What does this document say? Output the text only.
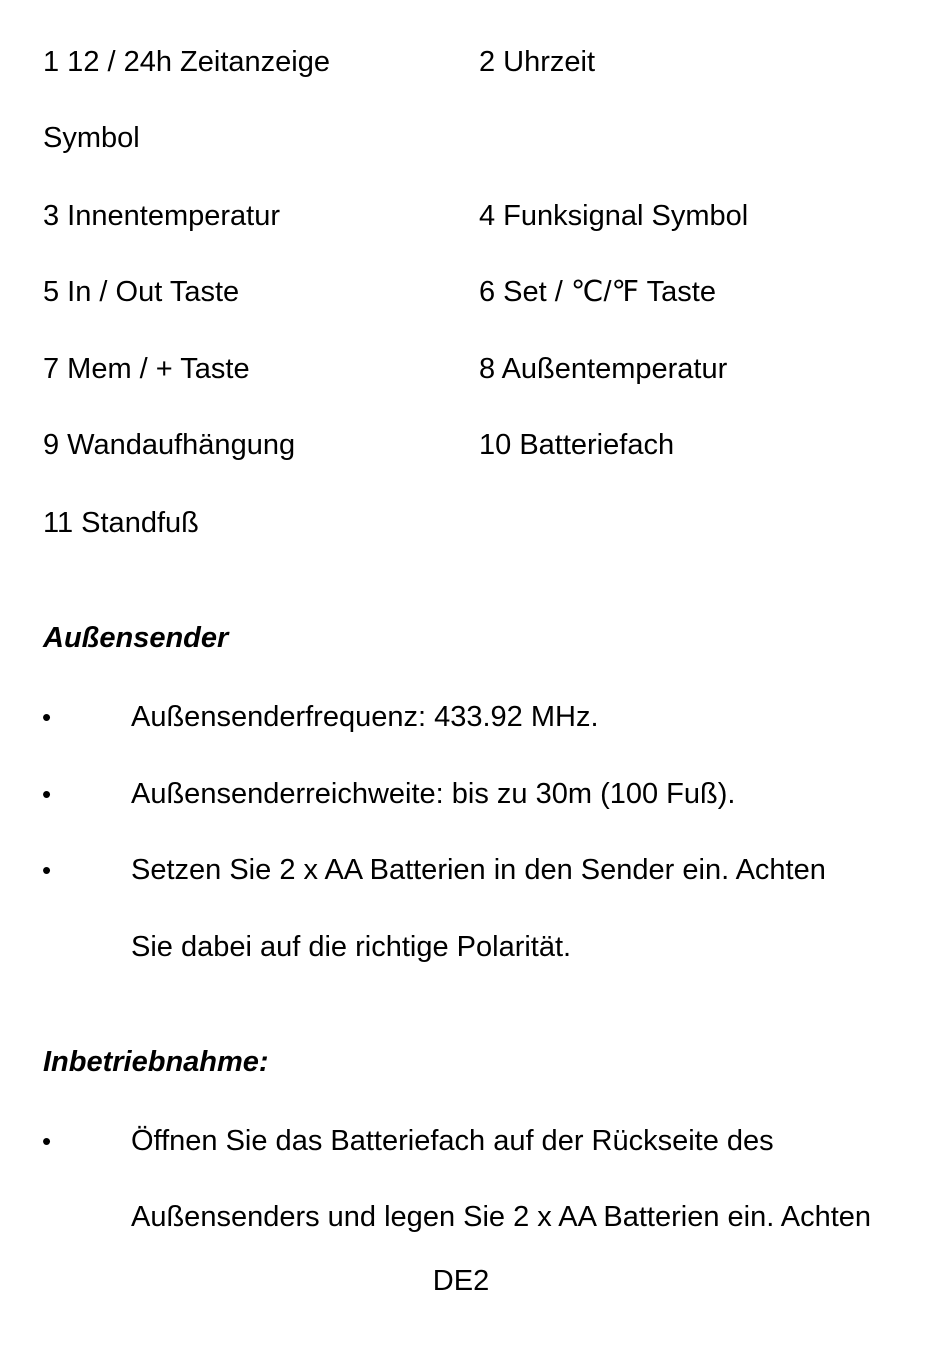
1 12 / 24h Zeitanzeige	2 Uhrzeit
Symbol
3 Innentemperatur	4 Funksignal Symbol
5 In / Out Taste	6 Set / ℃/℉ Taste
7 Mem / + Taste	8 Außentemperatur
9 Wandaufhängung	10 Batteriefach
11 Standfuß
Außensender
•	Außensenderfrequenz: 433.92 MHz.
•	Außensenderreichweite: bis zu 30m (100 Fuß).
•	Setzen Sie 2 x AA Batterien in den Sender ein. Achten
Sie dabei auf die richtige Polarität.
Inbetriebnahme:
•	Öffnen Sie das Batteriefach auf der Rückseite des
Außensenders und legen Sie 2 x AA Batterien ein. Achten
DE2
